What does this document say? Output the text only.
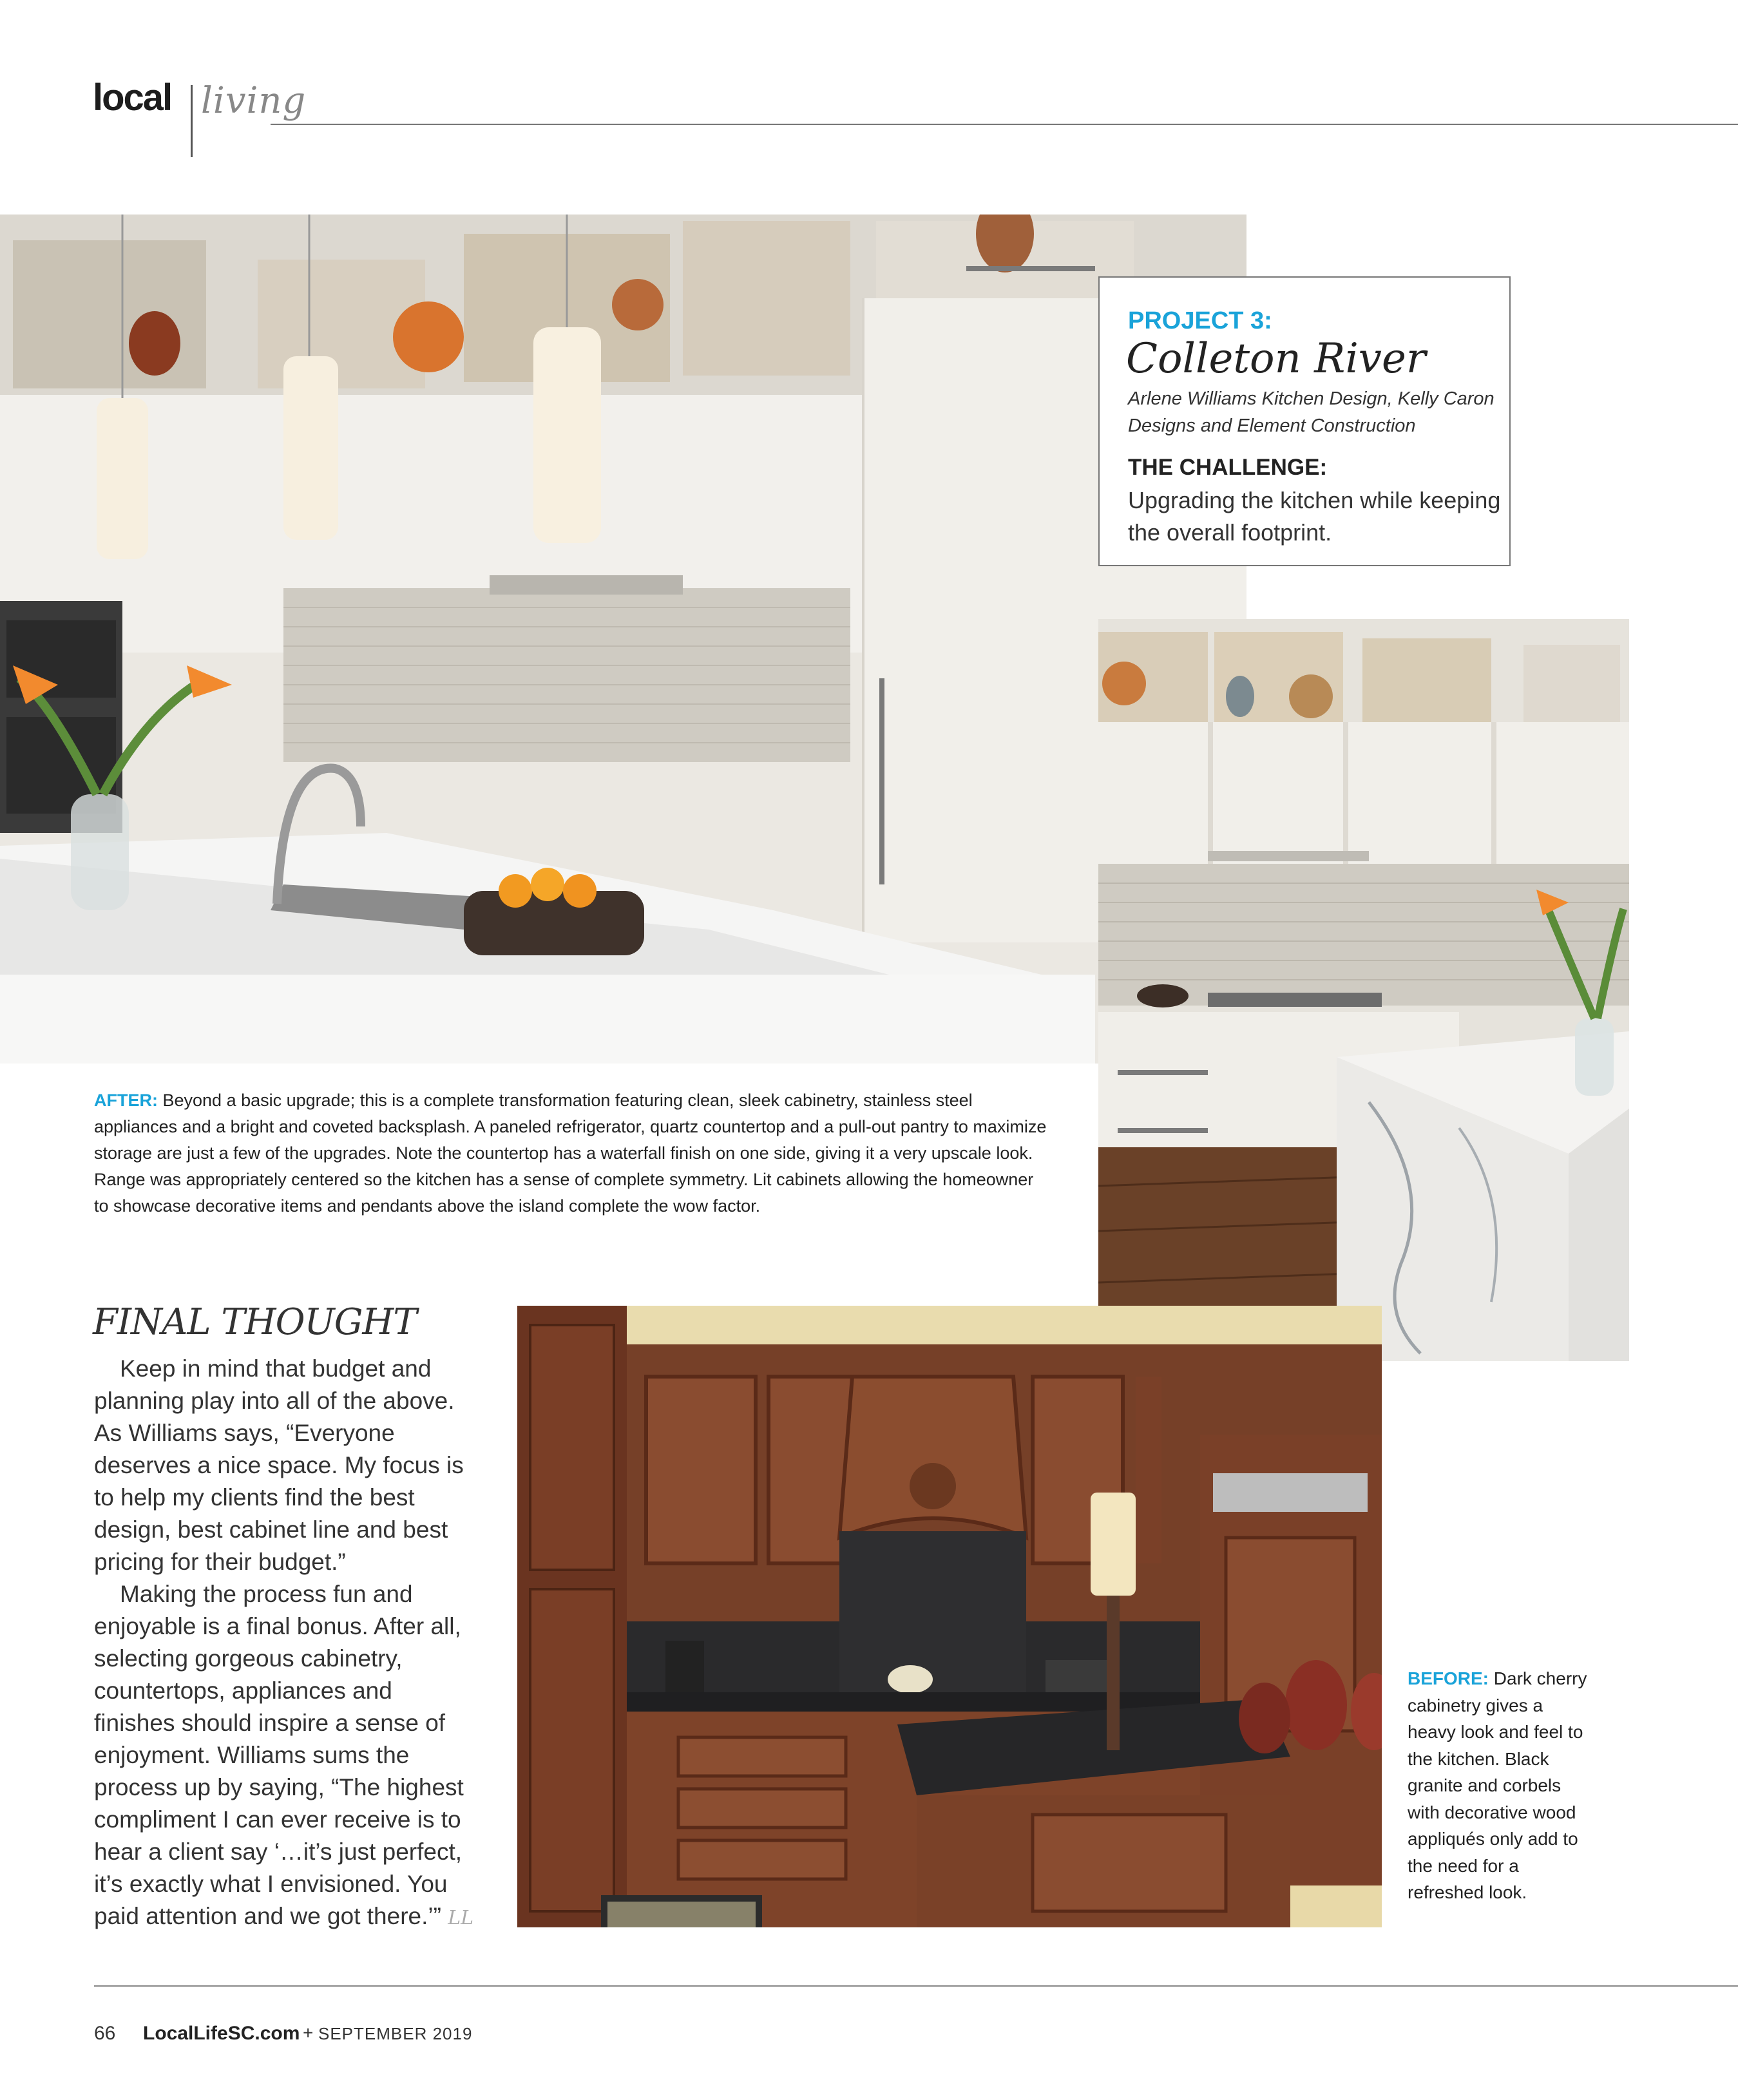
local living
PROJECT 3:
Colleton River
Arlene Williams Kitchen Design, Kelly Caron Designs and Element Construction
THE CHALLENGE:
Upgrading the kitchen while keeping the overall footprint.
AFTER: Beyond a basic upgrade; this is a complete transformation featuring clean, sleek cabinetry, stainless steel appliances and a bright and coveted backsplash. A paneled refrigerator, quartz countertop and a pull-out pantry to maximize storage are just a few of the upgrades. Note the countertop has a waterfall finish on one side, giving it a very upscale look. Range was appropriately centered so the kitchen has a sense of complete symmetry. Lit cabinets allowing the homeowner to showcase decorative items and pendants above the island complete the wow factor.
FINAL THOUGHT

Keep in mind that budget and planning play into all of the above. As Williams says, “Everyone deserves a nice space. My focus is to help my clients find the best design, best cabinet line and best pricing for their budget.”

Making the process fun and enjoyable is a final bonus. After all, selecting gorgeous cabinetry, countertops, appliances and finishes should inspire a sense of enjoyment. Williams sums the process up by saying, “The highest compliment I can ever receive is to hear a client say ‘…it’s just perfect, it’s exactly what I envisioned. You paid attention and we got there.’” LL

BEFORE: Dark cherry cabinetry gives a heavy look and feel to the kitchen. Black granite and corbels with decorative wood appliqués only add to the need for a refreshed look.
66 LocalLifeSC.com + SEPTEMBER 2019
